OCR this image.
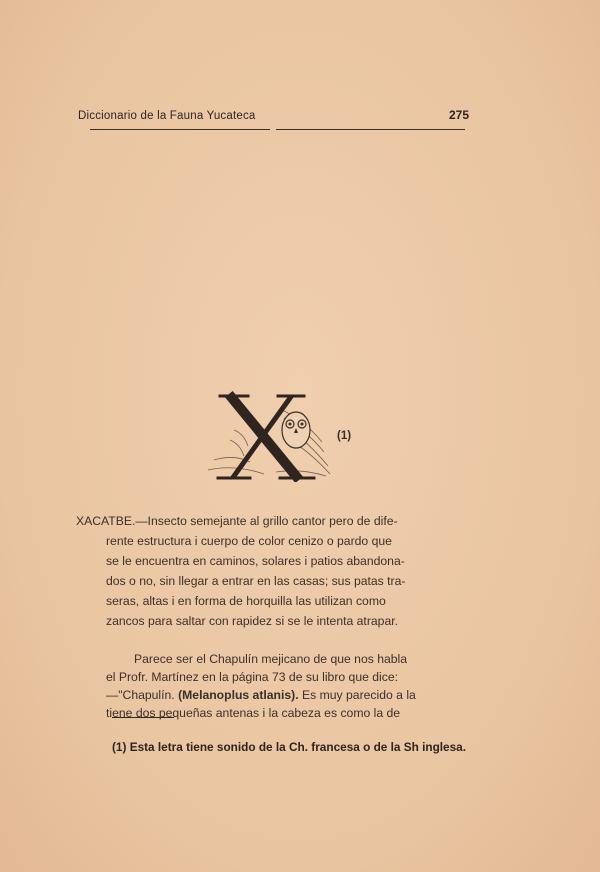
Diccionario de la Fauna Yucateca	275
X	(1)
XACATBE.—Insecto semejante al grillo cantor pero de dife-
rente estructura i cuerpo de color cenizo o pardo que
se le encuentra en caminos, solares i patios abandona-
dos o no, sin llegar a entrar en las casas; sus patas tra-
seras, altas i en forma de horquilla las utilizan como
zancos para saltar con rapidez si se le intenta atrapar.
Parece ser el Chapulín mejicano de que nos habla
el Profr. Martínez en la página 73 de su libro que dice:
—"Chapulín. (Melanoplus atlanis). Es muy parecido a la
tiene dos pequeñas antenas i la cabeza es como la de
(1) Esta letra tiene sonido de la Ch. francesa o de la Sh inglesa.
